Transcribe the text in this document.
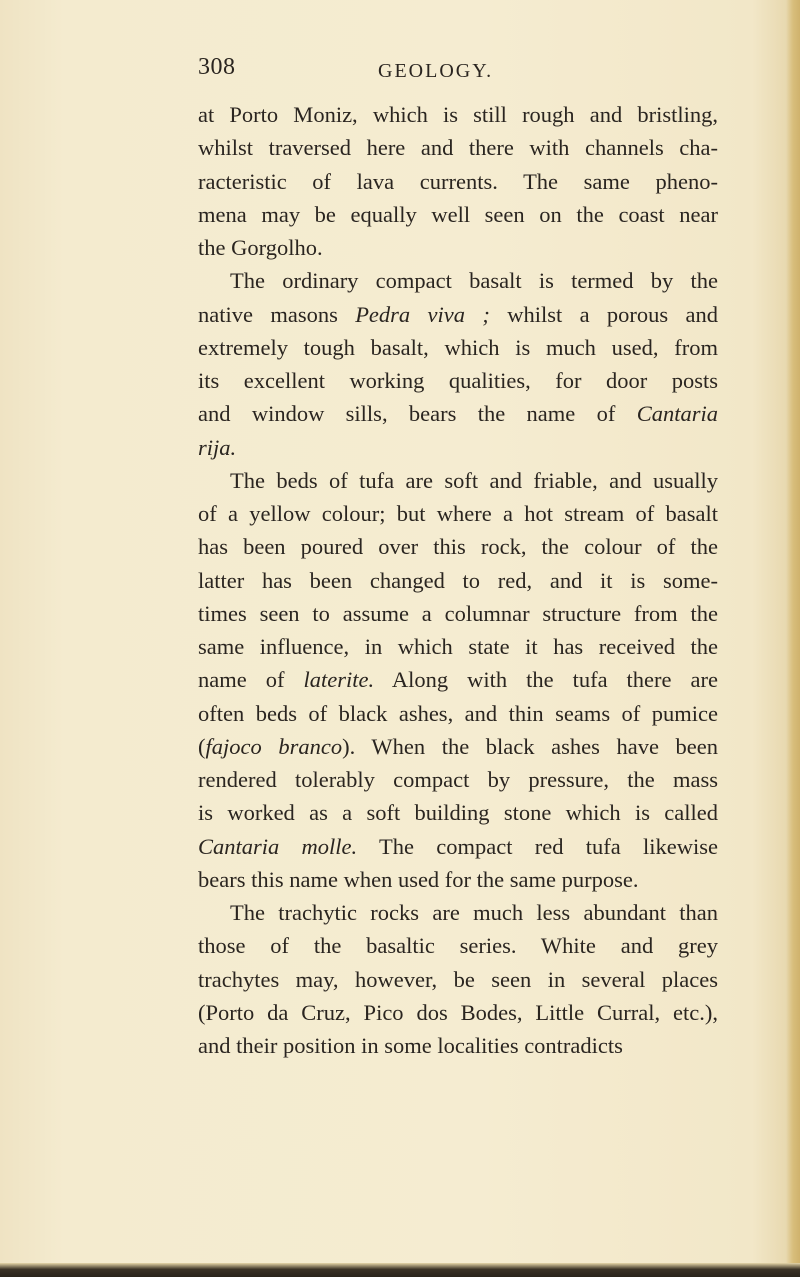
308	GEOLOGY.
at Porto Moniz, which is still rough and bristling,
whilst traversed here and there with channels cha-
racteristic of lava currents. The same pheno-
mena may be equally well seen on the coast near
the Gorgolho.
The ordinary compact basalt is termed by the
native masons Pedra viva ; whilst a porous and
extremely tough basalt, which is much used, from
its excellent working qualities, for door posts
and window sills, bears the name of Cantaria
rija.
The beds of tufa are soft and friable, and usually
of a yellow colour; but where a hot stream of basalt
has been poured over this rock, the colour of the
latter has been changed to red, and it is some-
times seen to assume a columnar structure from the
same influence, in which state it has received the
name of laterite. Along with the tufa there are
often beds of black ashes, and thin seams of pumice
(fajoco branco). When the black ashes have been
rendered tolerably compact by pressure, the mass
is worked as a soft building stone which is called
Cantaria molle. The compact red tufa likewise
bears this name when used for the same purpose.
The trachytic rocks are much less abundant than
those of the basaltic series. White and grey
trachytes may, however, be seen in several places
(Porto da Cruz, Pico dos Bodes, Little Curral, etc.),
and their position in some localities contradicts
